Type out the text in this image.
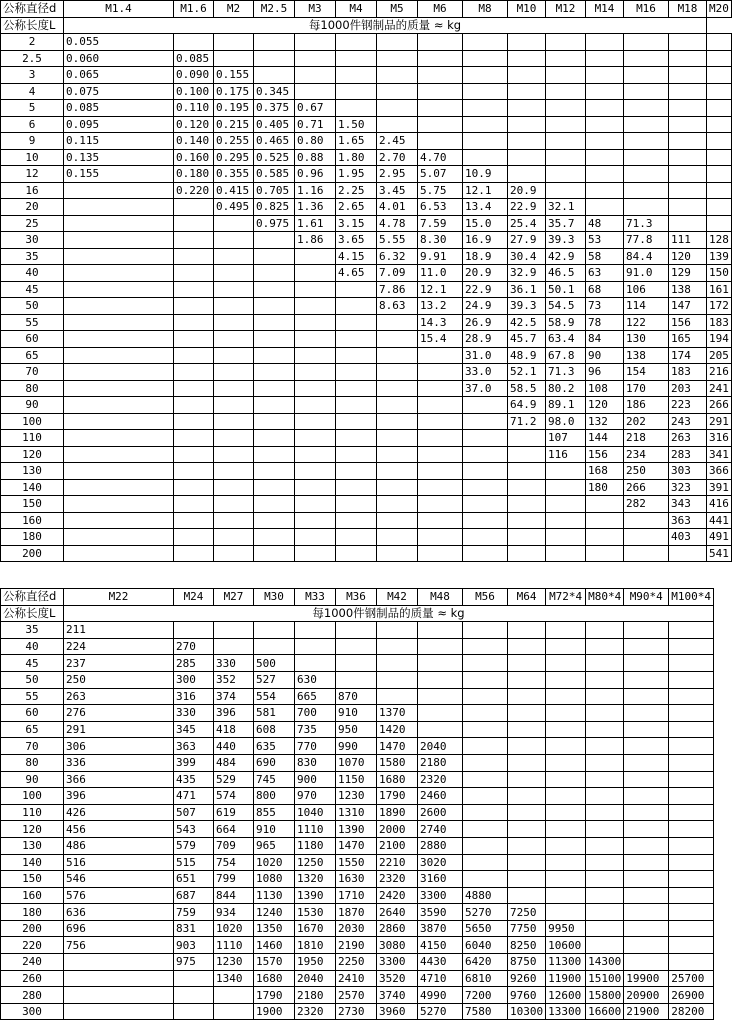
公称直径d	M1.4	M1.6	M2	M2.5	M3	M4	M5	M6	M8	M10	M12	M14	M16	M18	M20
公称长度L	每1000件钢制品的质量 ≈ kg														
2	0.055														
2.5	0.060	0.085													
3	0.065	0.090	0.155												
4	0.075	0.100	0.175	0.345											
5	0.085	0.110	0.195	0.375	0.67										
6	0.095	0.120	0.215	0.405	0.71	1.50									
9	0.115	0.140	0.255	0.465	0.80	1.65	2.45								
10	0.135	0.160	0.295	0.525	0.88	1.80	2.70	4.70							
12	0.155	0.180	0.355	0.585	0.96	1.95	2.95	5.07	10.9						
16		0.220	0.415	0.705	1.16	2.25	3.45	5.75	12.1	20.9					
20			0.495	0.825	1.36	2.65	4.01	6.53	13.4	22.9	32.1				
25				0.975	1.61	3.15	4.78	7.59	15.0	25.4	35.7	48	71.3		
30					1.86	3.65	5.55	8.30	16.9	27.9	39.3	53	77.8	111	128
35						4.15	6.32	9.91	18.9	30.4	42.9	58	84.4	120	139
40						4.65	7.09	11.0	20.9	32.9	46.5	63	91.0	129	150
45							7.86	12.1	22.9	36.1	50.1	68	106	138	161
50							8.63	13.2	24.9	39.3	54.5	73	114	147	172
55								14.3	26.9	42.5	58.9	78	122	156	183
60								15.4	28.9	45.7	63.4	84	130	165	194
65									31.0	48.9	67.8	90	138	174	205
70									33.0	52.1	71.3	96	154	183	216
80									37.0	58.5	80.2	108	170	203	241
90										64.9	89.1	120	186	223	266
100										71.2	98.0	132	202	243	291
110											107	144	218	263	316
120											116	156	234	283	341
130												168	250	303	366
140												180	266	323	391
150													282	343	416
160														363	441
180														403	491
200															541
公称直径d	M22	M24	M27	M30	M33	M36	M42	M48	M56	M64	M72*4	M80*4	M90*4	M100*4
公称长度L	每1000件钢制品的质量 ≈ kg													
35	211													
40	224	270												
45	237	285	330	500										
50	250	300	352	527	630									
55	263	316	374	554	665	870								
60	276	330	396	581	700	910	1370							
65	291	345	418	608	735	950	1420							
70	306	363	440	635	770	990	1470	2040						
80	336	399	484	690	830	1070	1580	2180						
90	366	435	529	745	900	1150	1680	2320						
100	396	471	574	800	970	1230	1790	2460						
110	426	507	619	855	1040	1310	1890	2600						
120	456	543	664	910	1110	1390	2000	2740						
130	486	579	709	965	1180	1470	2100	2880						
140	516	515	754	1020	1250	1550	2210	3020						
150	546	651	799	1080	1320	1630	2320	3160						
160	576	687	844	1130	1390	1710	2420	3300	4880					
180	636	759	934	1240	1530	1870	2640	3590	5270	7250				
200	696	831	1020	1350	1670	2030	2860	3870	5650	7750	9950			
220	756	903	1110	1460	1810	2190	3080	4150	6040	8250	10600			
240		975	1230	1570	1950	2250	3300	4430	6420	8750	11300	14300		
260			1340	1680	2040	2410	3520	4710	6810	9260	11900	15100	19900	25700
280				1790	2180	2570	3740	4990	7200	9760	12600	15800	20900	26900
300				1900	2320	2730	3960	5270	7580	10300	13300	16600	21900	28200
